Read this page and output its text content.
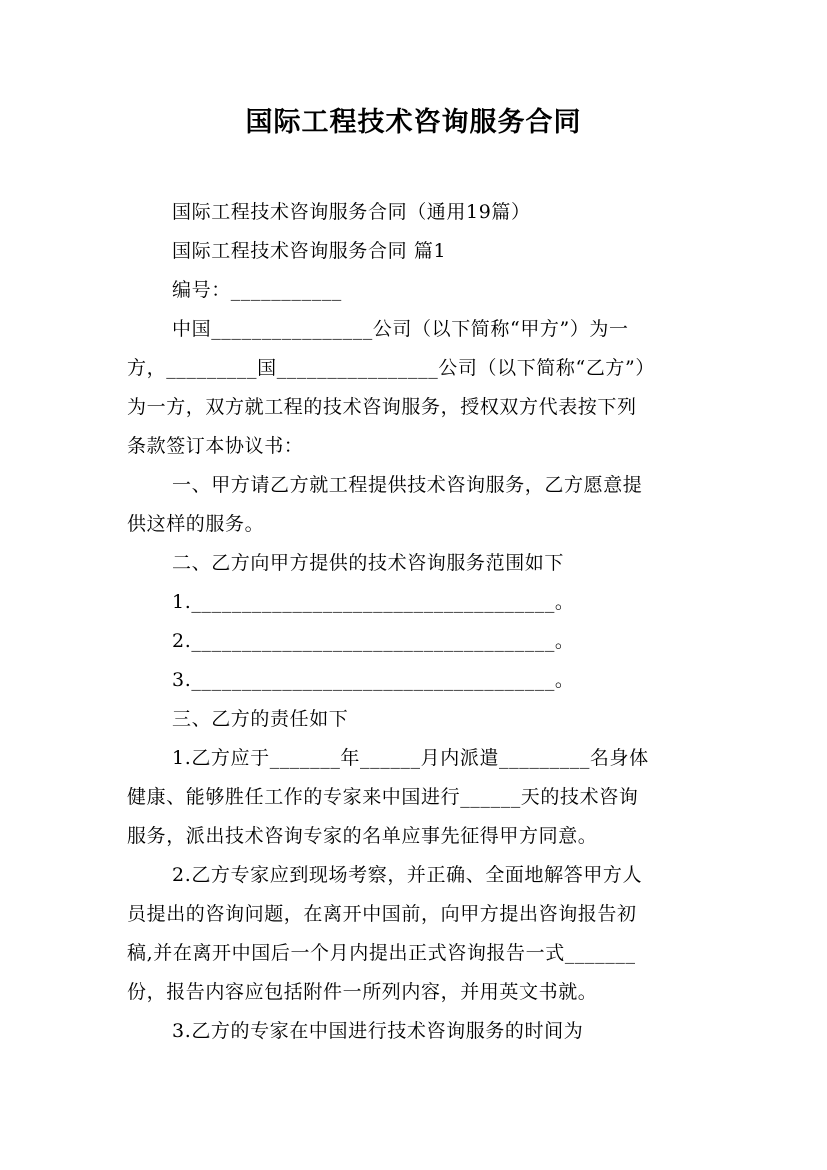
国际工程技术咨询服务合同
国际工程技术咨询服务合同（通用19篇）
国际工程技术咨询服务合同 篇1
编号：___________
中国________________公司（以下简称“甲方”）为一
方，_________国________________公司（以下简称“乙方”）
为一方，双方就工程的技术咨询服务，授权双方代表按下列
条款签订本协议书：
一、甲方请乙方就工程提供技术咨询服务，乙方愿意提
供这样的服务。
二、乙方向甲方提供的技术咨询服务范围如下
1.____________________________________。
2.____________________________________。
3.____________________________________。
三、乙方的责任如下
1.乙方应于_______年______月内派遣_________名身体
健康、能够胜任工作的专家来中国进行______天的技术咨询
服务，派出技术咨询专家的名单应事先征得甲方同意。
2.乙方专家应到现场考察，并正确、全面地解答甲方人
员提出的咨询问题，在离开中国前，向甲方提出咨询报告初
稿,并在离开中国后一个月内提出正式咨询报告一式_______
份，报告内容应包括附件一所列内容，并用英文书就。
3.乙方的专家在中国进行技术咨询服务的时间为
